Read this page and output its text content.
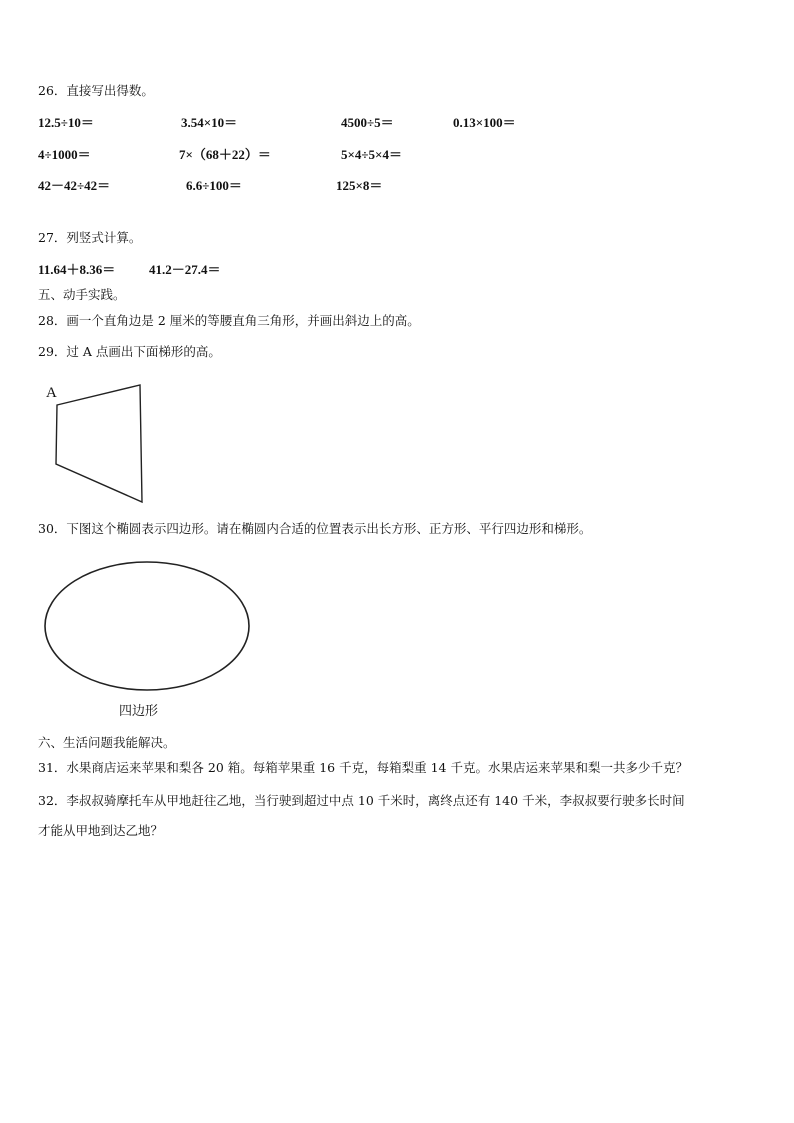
26．直接写出得数。
12.5÷10＝	3.54×10＝	4500÷5＝	0.13×100＝
4÷1000＝	7×（68＋22）＝	5×4÷5×4＝
42－42÷42＝	6.6÷100＝	125×8＝
27．列竖式计算。
11.64＋8.36＝	41.2－27.4＝
五、动手实践。
28．画一个直角边是 2 厘米的等腰直角三角形，并画出斜边上的高。
29．过 A 点画出下面梯形的高。
A
30．下图这个椭圆表示四边形。请在椭圆内合适的位置表示出长方形、正方形、平行四边形和梯形。
四边形
六、生活问题我能解决。
31．水果商店运来苹果和梨各 20 箱。每箱苹果重 16 千克，每箱梨重 14 千克。水果店运来苹果和梨一共多少千克？
32．李叔叔骑摩托车从甲地赶往乙地，当行驶到超过中点 10 千米时，离终点还有 140 千米，李叔叔要行驶多长时间
才能从甲地到达乙地？
